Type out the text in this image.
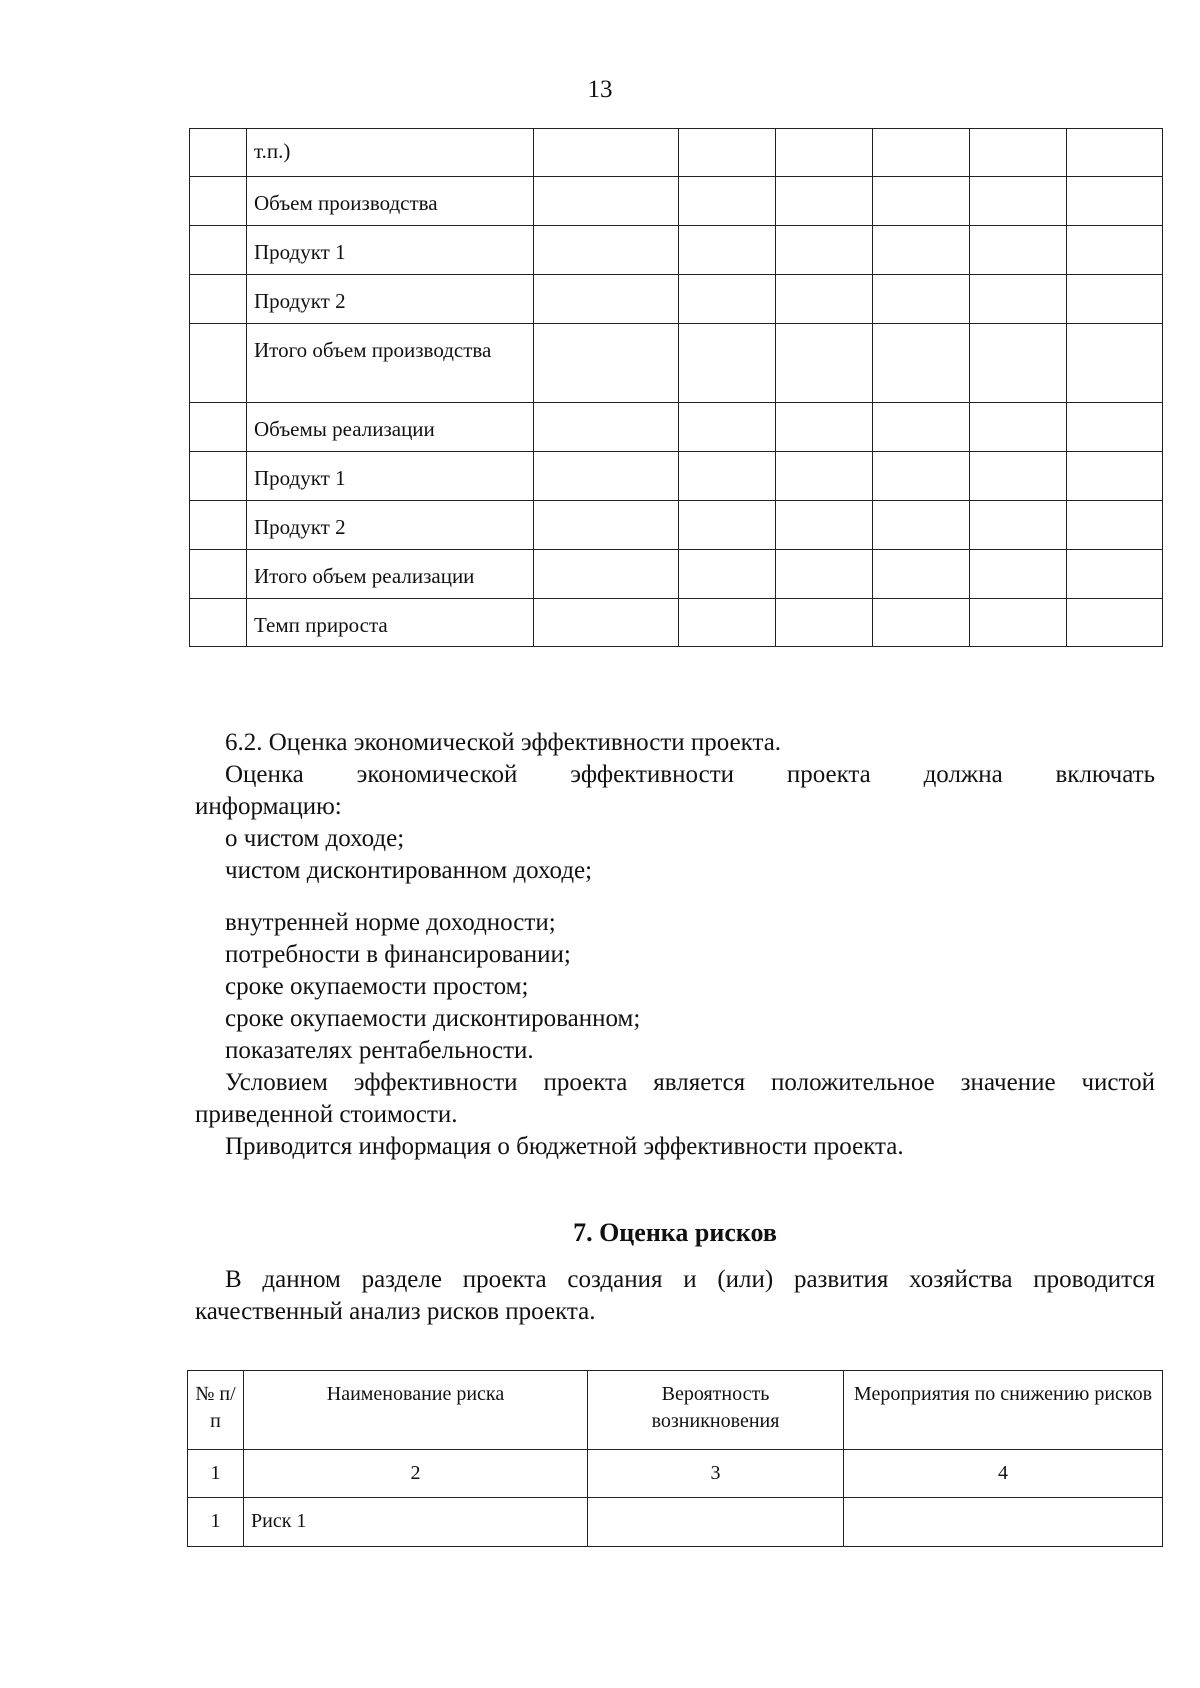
13
	т.п.)						
	Объем производства						
	Продукт 1						
	Продукт 2						
	Итого объем производства						
	Объемы реализации						
	Продукт 1						
	Продукт 2						
	Итого объем реализации						
	Темп прироста						
6.2. Оценка экономической эффективности проекта.
Оценка экономической эффективности проекта должна включать
информацию:
о чистом доходе;
чистом дисконтированном доходе;
внутренней норме доходности;
потребности в финансировании;
сроке окупаемости простом;
сроке окупаемости дисконтированном;
показателях рентабельности.
Условием эффективности проекта является положительное значение чистой приведенной стоимости.
Приводится информация о бюджетной эффективности проекта.
7. Оценка рисков
В данном разделе проекта создания и (или) развития хозяйства проводится качественный анализ рисков проекта.
№ п/п	Наименование риска	Вероятность возникновения	Мероприятия по снижению рисков
1	2	3	4
1	Риск 1		
